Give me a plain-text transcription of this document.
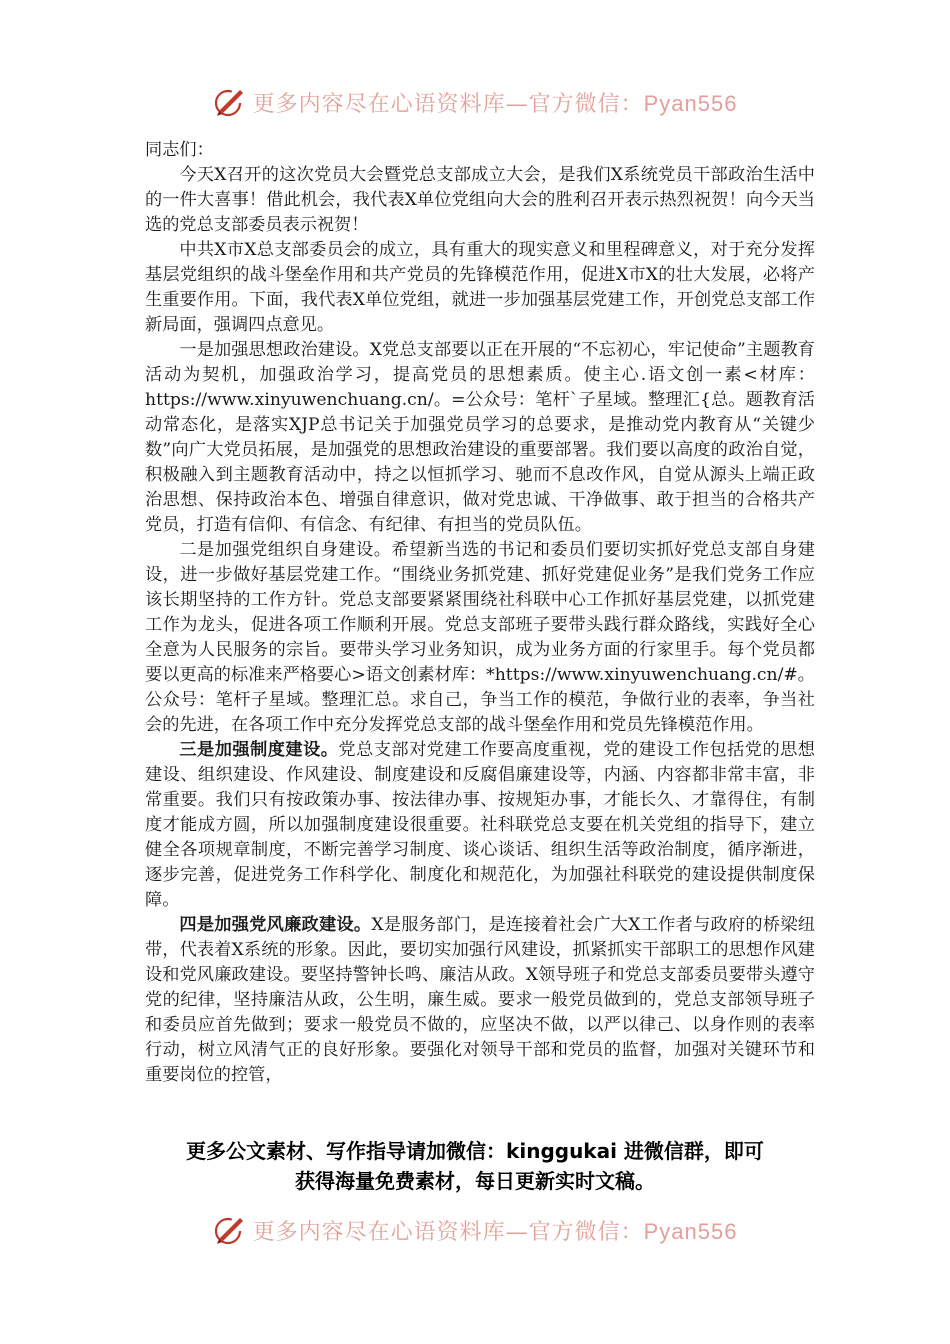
更多内容尽在心语资料库—官方微信：Pyan556

同志们：

今天X召开的这次党员大会暨党总支部成立大会，是我们X系统党员干部政治生活中的一件大喜事！借此机会，我代表X单位党组向大会的胜利召开表示热烈祝贺！向今天当选的党总支部委员表示祝贺！

中共X市X总支部委员会的成立，具有重大的现实意义和里程碑意义，对于充分发挥基层党组织的战斗堡垒作用和共产党员的先锋模范作用，促进X市X的壮大发展，必将产生重要作用。下面，我代表X单位党组，就进一步加强基层党建工作，开创党总支部工作新局面，强调四点意见。

一是加强思想政治建设。X党总支部要以正在开展的“不忘初心，牢记使命”主题教育活动为契机，加强政治学习，提高党员的思想素质。使主心.语文创一素<材库：https://www.xinyuwenchuang.cn/。=公众号：笔杆`子星域。整理汇{总。题教育活动常态化，是落实XJP总书记关于加强党员学习的总要求，是推动党内教育从“关键少数”向广大党员拓展，是加强党的思想政治建设的重要部署。我们要以高度的政治自觉，积极融入到主题教育活动中，持之以恒抓学习、驰而不息改作风，自觉从源头上端正政治思想、保持政治本色、增强自律意识，做对党忠诚、干净做事、敢于担当的合格共产党员，打造有信仰、有信念、有纪律、有担当的党员队伍。

二是加强党组织自身建设。希望新当选的书记和委员们要切实抓好党总支部自身建设，进一步做好基层党建工作。“围绕业务抓党建、抓好党建促业务”是我们党务工作应该长期坚持的工作方针。党总支部要紧紧围绕社科联中心工作抓好基层党建，以抓党建工作为龙头，促进各项工作顺利开展。党总支部班子要带头践行群众路线，实践好全心全意为人民服务的宗旨。要带头学习业务知识，成为业务方面的行家里手。每个党员都要以更高的标准来严格要心>语文创素材库：*https://www.xinyuwenchuang.cn/#。公众号：笔杆子星域。整理汇总。求自己，争当工作的模范，争做行业的表率，争当社会的先进，在各项工作中充分发挥党总支部的战斗堡垒作用和党员先锋模范作用。

三是加强制度建设。党总支部对党建工作要高度重视，党的建设工作包括党的思想建设、组织建设、作风建设、制度建设和反腐倡廉建设等，内涵、内容都非常丰富，非常重要。我们只有按政策办事、按法律办事、按规矩办事，才能长久、才靠得住，有制度才能成方圆，所以加强制度建设很重要。社科联党总支要在机关党组的指导下，建立健全各项规章制度，不断完善学习制度、谈心谈话、组织生活等政治制度，循序渐进，逐步完善，促进党务工作科学化、制度化和规范化，为加强社科联党的建设提供制度保障。

四是加强党风廉政建设。X是服务部门，是连接着社会广大X工作者与政府的桥梁纽带，代表着X系统的形象。因此，要切实加强行风建设，抓紧抓实干部职工的思想作风建设和党风廉政建设。要坚持警钟长鸣、廉洁从政。X领导班子和党总支部委员要带头遵守党的纪律，坚持廉洁从政，公生明，廉生威。要求一般党员做到的，党总支部领导班子和委员应首先做到；要求一般党员不做的，应坚决不做，以严以律己、以身作则的表率行动，树立风清气正的良好形象。要强化对领导干部和党员的监督，加强对关键环节和重要岗位的控管，

更多公文素材、写作指导请加微信：kinggukai 进微信群，即可
获得海量免费素材，每日更新实时文稿。
更多内容尽在心语资料库—官方微信：Pyan556
